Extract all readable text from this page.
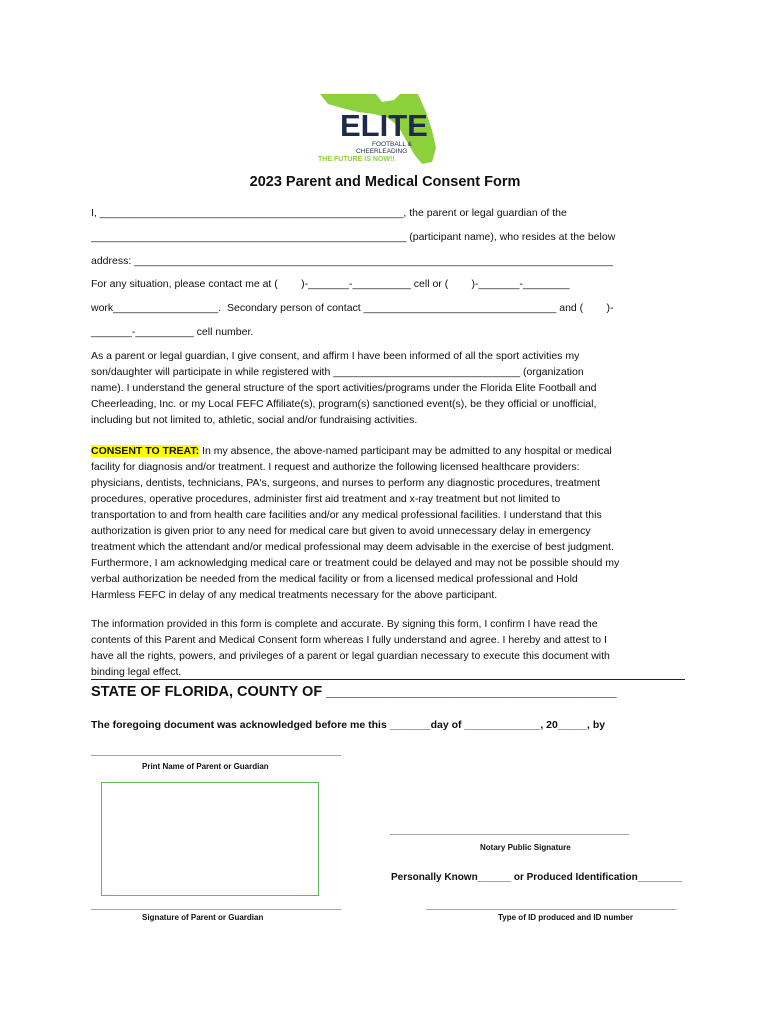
ELITE
FOOTBALL &
CHEERLEADING
THE FUTURE IS NOW!!
2023 Parent and Medical Consent Form
I, ____________________________________________________, the parent or legal guardian of the
______________________________________________________ (participant name), who resides at the below
address: __________________________________________________________________________________
For any situation, please contact me at (        )-_______-__________ cell or (        )-_______-________
work__________________.  Secondary person of contact _________________________________ and (        )-
_______-__________ cell number.

As a parent or legal guardian, I give consent, and affirm I have been informed of all the sport activities my
son/daughter will participate in while registered with ________________________________ (organization
name). I understand the general structure of the sport activities/programs under the Florida Elite Football and
Cheerleading, Inc. or my Local FEFC Affiliate(s), program(s) sanctioned event(s), be they official or unofficial,
including but not limited to, athletic, social and/or fundraising activities.

CONSENT TO TREAT: In my absence, the above-named participant may be admitted to any hospital or medical
facility for diagnosis and/or treatment. I request and authorize the following licensed healthcare providers:
physicians, dentists, technicians, PA's, surgeons, and nurses to perform any diagnostic procedures, treatment
procedures, operative procedures, administer first aid treatment and x-ray treatment but not limited to
transportation to and from health care facilities and/or any medical professional facilities. I understand that this
authorization is given prior to any need for medical care but given to avoid unnecessary delay in emergency
treatment which the attendant and/or medical professional may deem advisable in the exercise of best judgment.
Furthermore, I am acknowledging medical care or treatment could be delayed and may not be possible should my
verbal authorization be needed from the medical facility or from a licensed medical professional and Hold
Harmless FEFC in delay of any medical treatments necessary for the above participant.

The information provided in this form is complete and accurate. By signing this form, I confirm I have read the
contents of this Parent and Medical Consent form whereas I fully understand and agree. I hereby and attest to I
have all the rights, powers, and privileges of a parent or legal guardian necessary to execute this document with
binding legal effect.

STATE OF FLORIDA, COUNTY OF ____________________________________
The foregoing document was acknowledged before me this _______day of _____________, 20_____, by
_____________________________________________
Print Name of Parent or Guardian
___________________________________________
Notary Public Signature
Personally Known______ or Produced Identification________
_____________________________________________
Signature of Parent or Guardian
_____________________________________________
Type of ID produced and ID number
